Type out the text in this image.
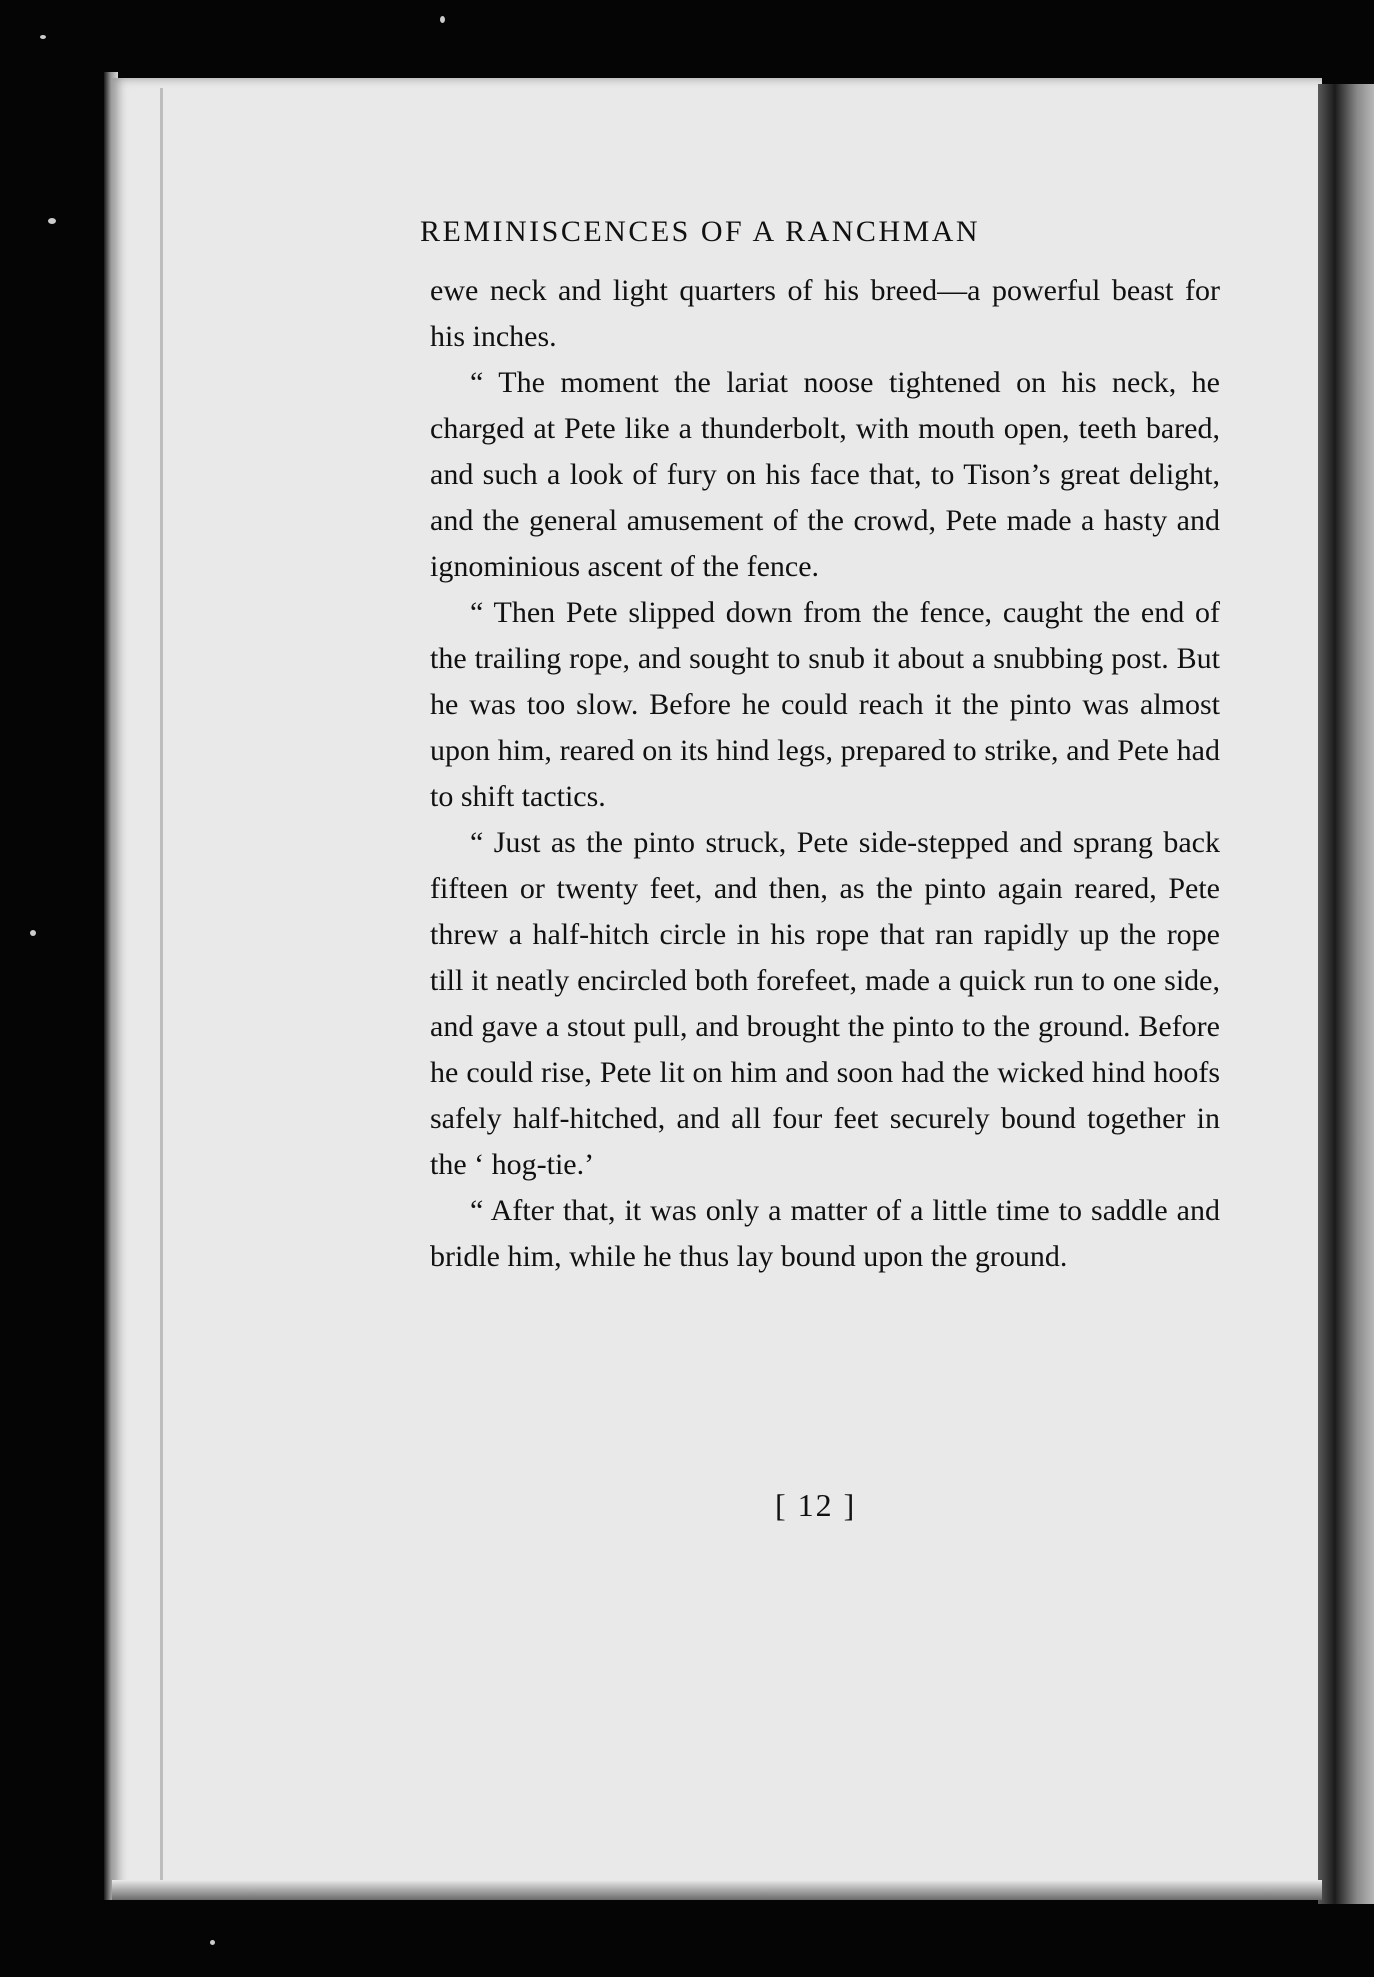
REMINISCENCES OF A RANCHMAN

ewe neck and light quarters of his breed—a powerful beast for his inches.

“ The moment the lariat noose tightened on his neck, he charged at Pete like a thunderbolt, with mouth open, teeth bared, and such a look of fury on his face that, to Tison’s great delight, and the general amusement of the crowd, Pete made a hasty and ignominious ascent of the fence.

“ Then Pete slipped down from the fence, caught the end of the trailing rope, and sought to snub it about a snubbing post. But he was too slow. Before he could reach it the pinto was almost upon him, reared on its hind legs, prepared to strike, and Pete had to shift tactics.

“ Just as the pinto struck, Pete side-stepped and sprang back fifteen or twenty feet, and then, as the pinto again reared, Pete threw a half-hitch circle in his rope that ran rapidly up the rope till it neatly encircled both forefeet, made a quick run to one side, and gave a stout pull, and brought the pinto to the ground. Before he could rise, Pete lit on him and soon had the wicked hind hoofs safely half-hitched, and all four feet securely bound together in the ‘ hog-tie.’

“ After that, it was only a matter of a little time to saddle and bridle him, while he thus lay bound upon the ground.

[ 12 ]
